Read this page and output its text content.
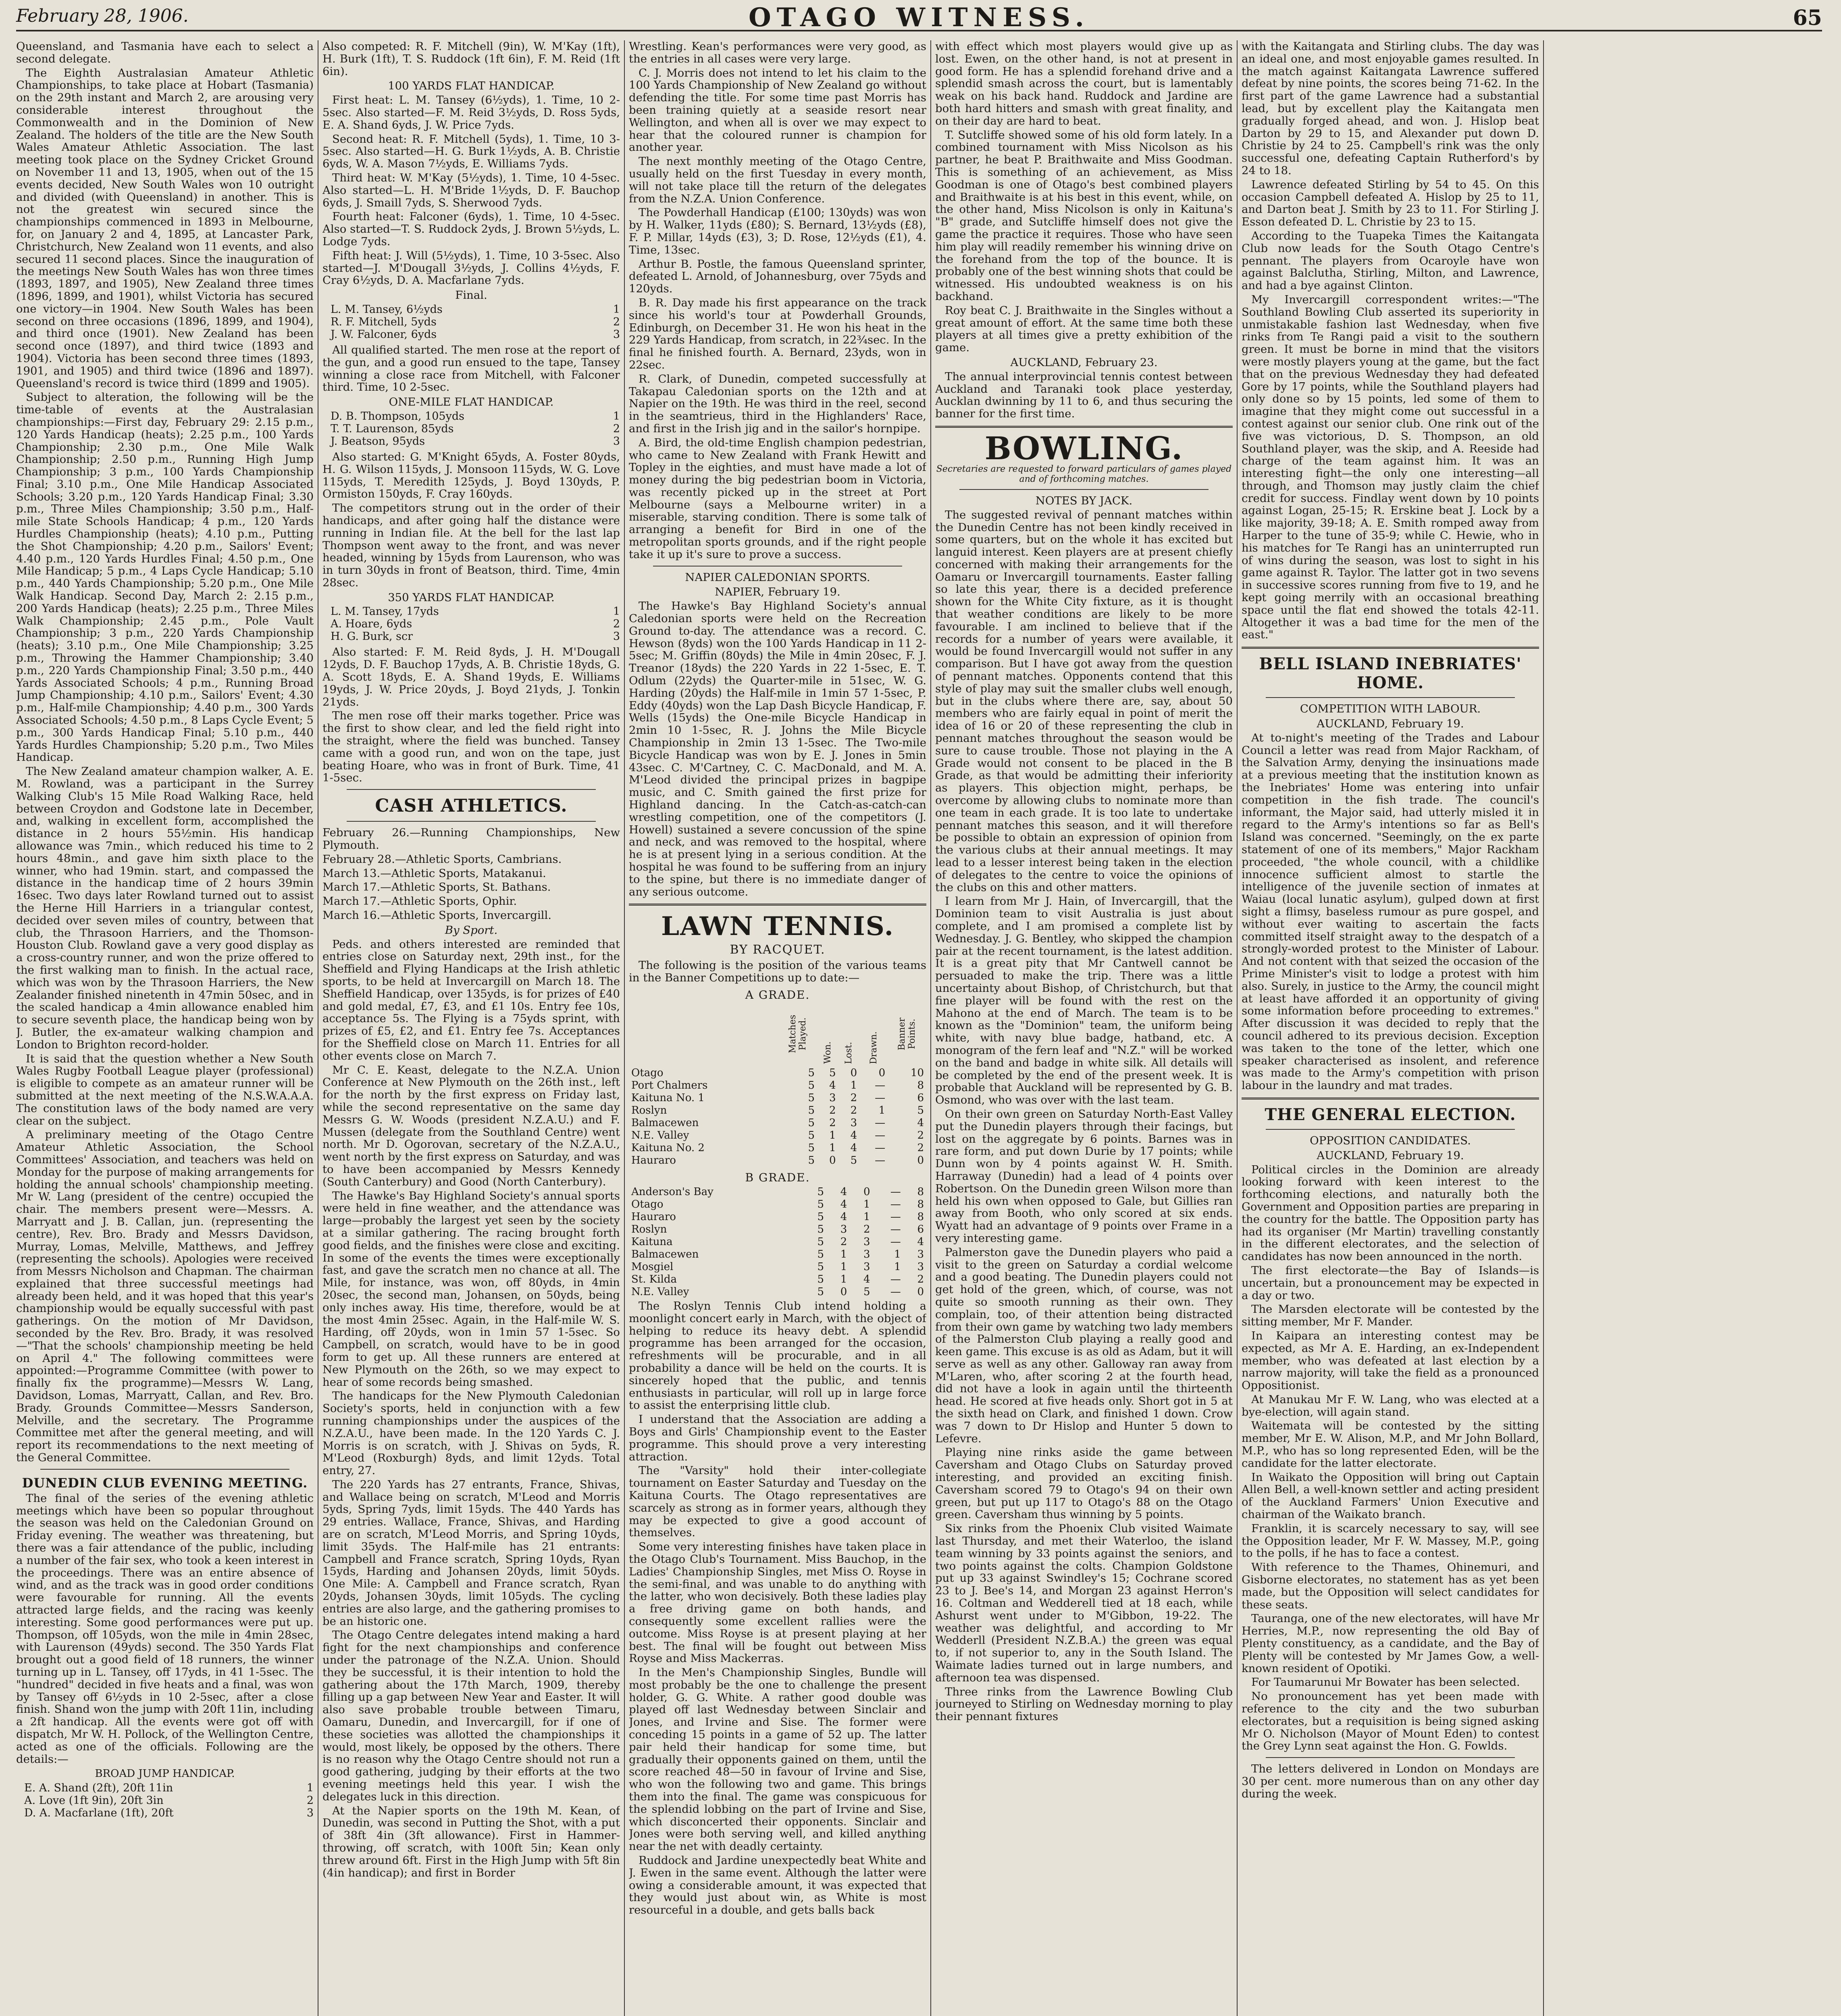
February 28, 1906.	OTAGO WITNESS.	65

Queensland, and Tasmania have each to select a second delegate.

The Eighth Australasian Amateur Athletic Championships, to take place at Hobart (Tasmania) on the 29th instant and March 2, are arousing very considerable interest throughout the Commonwealth and in the Dominion of New Zealand. The holders of the title are the New South Wales Amateur Athletic Association. The last meeting took place on the Sydney Cricket Ground on November 11 and 13, 1905, when out of the 15 events decided, New South Wales won 10 outright and divided (with Queensland) in another. This is not the greatest win secured since the championships commenced in 1893 in Melbourne, for, on January 2 and 4, 1895, at Lancaster Park, Christchurch, New Zealand won 11 events, and also secured 11 second places. Since the inauguration of the meetings New South Wales has won three times (1893, 1897, and 1905), New Zealand three times (1896, 1899, and 1901), whilst Victoria has secured one victory—in 1904. New South Wales has been second on three occasions (1896, 1899, and 1904), and third once (1901). New Zealand has been second once (1897), and third twice (1893 and 1904). Victoria has been second three times (1893, 1901, and 1905) and third twice (1896 and 1897). Queensland's record is twice third (1899 and 1905).

Subject to alteration, the following will be the time-table of events at the Australasian championships:—First day, February 29: 2.15 p.m., 120 Yards Handicap (heats); 2.25 p.m., 100 Yards Championship; 2.30 p.m., One Mile Walk Championship; 2.50 p.m., Running High Jump Championship; 3 p.m., 100 Yards Championship Final; 3.10 p.m., One Mile Handicap Associated Schools; 3.20 p.m., 120 Yards Handicap Final; 3.30 p.m., Three Miles Championship; 3.50 p.m., Half-mile State Schools Handicap; 4 p.m., 120 Yards Hurdles Championship (heats); 4.10 p.m., Putting the Shot Championship; 4.20 p.m., Sailors' Event; 4.40 p.m., 120 Yards Hurdles Final; 4.50 p.m., One Mile Handicap; 5 p.m., 4 Laps Cycle Handicap; 5.10 p.m., 440 Yards Championship; 5.20 p.m., One Mile Walk Handicap. Second Day, March 2: 2.15 p.m., 200 Yards Handicap (heats); 2.25 p.m., Three Miles Walk Championship; 2.45 p.m., Pole Vault Championship; 3 p.m., 220 Yards Championship (heats); 3.10 p.m., One Mile Championship; 3.25 p.m., Throwing the Hammer Championship; 3.40 p.m., 220 Yards Championship Final; 3.50 p.m., 440 Yards Associated Schools; 4 p.m., Running Broad Jump Championship; 4.10 p.m., Sailors' Event; 4.30 p.m., Half-mile Championship; 4.40 p.m., 300 Yards Associated Schools; 4.50 p.m., 8 Laps Cycle Event; 5 p.m., 300 Yards Handicap Final; 5.10 p.m., 440 Yards Hurdles Championship; 5.20 p.m., Two Miles Handicap.

The New Zealand amateur champion walker, A. E. M. Rowland, was a participant in the Surrey Walking Club's 15 Mile Road Walking Race, held between Croydon and Godstone late in December, and, walking in excellent form, accomplished the distance in 2 hours 55½min. His handicap allowance was 7min., which reduced his time to 2 hours 48min., and gave him sixth place to the winner, who had 19min. start, and compassed the distance in the handicap time of 2 hours 39min 16sec. Two days later Rowland turned out to assist the Herne Hill Harriers in a triangular contest, decided over seven miles of country, between that club, the Thrasoon Harriers, and the Thomson-Houston Club. Rowland gave a very good display as a cross-country runner, and won the prize offered to the first walking man to finish. In the actual race, which was won by the Thrasoon Harriers, the New Zealander finished ninetenth in 47min 50sec, and in the scaled handicap a 4min allowance enabled him to secure seventh place, the handicap being won by J. Butler, the ex-amateur walking champion and London to Brighton record-holder.

It is said that the question whether a New South Wales Rugby Football League player (professional) is eligible to compete as an amateur runner will be submitted at the next meeting of the N.S.W.A.A.A. The constitution laws of the body named are very clear on the subject.

A preliminary meeting of the Otago Centre Amateur Athletic Association, the School Committees' Association, and teachers was held on Monday for the purpose of making arrangements for holding the annual schools' championship meeting. Mr W. Lang (president of the centre) occupied the chair. The members present were—Messrs. A. Marryatt and J. B. Callan, jun. (representing the centre), Rev. Bro. Brady and Messrs Davidson, Murray, Lomas, Melville, Matthews, and Jeffrey (representing the schools). Apologies were received from Messrs Nicholson and Chapman. The chairman explained that three successful meetings had already been held, and it was hoped that this year's championship would be equally successful with past gatherings. On the motion of Mr Davidson, seconded by the Rev. Bro. Brady, it was resolved—"That the schools' championship meeting be held on April 4." The following committees were appointed:—Programme Committee (with power to finally fix the programme)—Messrs W. Lang, Davidson, Lomas, Marryatt, Callan, and Rev. Bro. Brady. Grounds Committee—Messrs Sanderson, Melville, and the secretary. The Programme Committee met after the general meeting, and will report its recommendations to the next meeting of the General Committee.

DUNEDIN CLUB EVENING MEETING.

The final of the series of the evening athletic meetings which have been so popular throughout the season was held on the Caledonian Ground on Friday evening. The weather was threatening, but there was a fair attendance of the public, including a number of the fair sex, who took a keen interest in the proceedings. There was an entire absence of wind, and as the track was in good order conditions were favourable for running. All the events attracted large fields, and the racing was keenly interesting. Some good performances were put up. Thompson, off 105yds, won the mile in 4min 28sec, with Laurenson (49yds) second. The 350 Yards Flat brought out a good field of 18 runners, the winner turning up in L. Tansey, off 17yds, in 41 1-5sec. The "hundred" decided in five heats and a final, was won by Tansey off 6½yds in 10 2-5sec, after a close finish. Shand won the jump with 20ft 11in, including a 2ft handicap. All the events were got off with dispatch, Mr W. H. Pollock, of the Wellington Centre, acted as one of the officials. Following are the details:—

BROAD JUMP HANDICAP.
E. A. Shand (2ft), 20ft 11in	1
A. Love (1ft 9in), 20ft 3in	2
D. A. Macfarlane (1ft), 20ft	3

Also competed: R. F. Mitchell (9in), W. M'Kay (1ft), H. Burk (1ft), T. S. Ruddock (1ft 6in), F. M. Reid (1ft 6in).

100 YARDS FLAT HANDICAP.

First heat: L. M. Tansey (6½yds), 1. Time, 10 2-5sec. Also started—F. M. Reid 3½yds, D. Ross 5yds, E. A. Shand 6yds, J. W. Price 7yds.

Second heat: R. F. Mitchell (5yds), 1. Time, 10 3-5sec. Also started—H. G. Burk 1½yds, A. B. Christie 6yds, W. A. Mason 7½yds, E. Williams 7yds.

Third heat: W. M'Kay (5½yds), 1. Time, 10 4-5sec. Also started—L. H. M'Bride 1½yds, D. F. Bauchop 6yds, J. Smaill 7yds, S. Sherwood 7yds.

Fourth heat: Falconer (6yds), 1. Time, 10 4-5sec. Also started—T. S. Ruddock 2yds, J. Brown 5½yds, L. Lodge 7yds.

Fifth heat: J. Will (5½yds), 1. Time, 10 3-5sec. Also started—J. M'Dougall 3½yds, J. Collins 4½yds, F. Cray 6½yds, D. A. Macfarlane 7yds.

Final.
L. M. Tansey, 6½yds	1
R. F. Mitchell, 5yds	2
J. W. Falconer, 6yds	3

All qualified started. The men rose at the report of the gun, and a good run ensued to the tape, Tansey winning a close race from Mitchell, with Falconer third. Time, 10 2-5sec.

ONE-MILE FLAT HANDICAP.
D. B. Thompson, 105yds	1
T. T. Laurenson, 85yds	2
J. Beatson, 95yds	3

Also started: G. M'Knight 65yds, A. Foster 80yds, H. G. Wilson 115yds, J. Monsoon 115yds, W. G. Love 115yds, T. Meredith 125yds, J. Boyd 130yds, P. Ormiston 150yds, F. Cray 160yds.

The competitors strung out in the order of their handicaps, and after going half the distance were running in Indian file. At the bell for the last lap Thompson went away to the front, and was never headed, winning by 15yds from Laurenson, who was in turn 30yds in front of Beatson, third. Time, 4min 28sec.

350 YARDS FLAT HANDICAP.
L. M. Tansey, 17yds	1
A. Hoare, 6yds	2
H. G. Burk, scr	3

Also started: F. M. Reid 8yds, J. H. M'Dougall 12yds, D. F. Bauchop 17yds, A. B. Christie 18yds, G. A. Scott 18yds, E. A. Shand 19yds, E. Williams 19yds, J. W. Price 20yds, J. Boyd 21yds, J. Tonkin 21yds.

The men rose off their marks together. Price was the first to show clear, and led the field right into the straight, where the field was bunched. Tansey came with a good run, and won on the tape, just beating Hoare, who was in front of Burk. Time, 41 1-5sec.

CASH ATHLETICS.

February 26.—Running Championships, New Plymouth.

February 28.—Athletic Sports, Cambrians.

March 13.—Athletic Sports, Matakanui.

March 17.—Athletic Sports, St. Bathans.

March 17.—Athletic Sports, Ophir.

March 16.—Athletic Sports, Invercargill.

By Sport.

Peds. and others interested are reminded that entries close on Saturday next, 29th inst., for the Sheffield and Flying Handicaps at the Irish athletic sports, to be held at Invercargill on March 18. The Sheffield Handicap, over 135yds, is for prizes of £40 and gold medal, £7, £3, and £1 10s. Entry fee 10s, acceptance 5s. The Flying is a 75yds sprint, with prizes of £5, £2, and £1. Entry fee 7s. Acceptances for the Sheffield close on March 11. Entries for all other events close on March 7.

Mr C. E. Keast, delegate to the N.Z.A. Union Conference at New Plymouth on the 26th inst., left for the north by the first express on Friday last, while the second representative on the same day Messrs G. W. Woods (president N.Z.A.U.) and F. Mussen (delegate from the Southland Centre) went north. Mr D. Ogorovan, secretary of the N.Z.A.U., went north by the first express on Saturday, and was to have been accompanied by Messrs Kennedy (South Canterbury) and Good (North Canterbury).

The Hawke's Bay Highland Society's annual sports were held in fine weather, and the attendance was large—probably the largest yet seen by the society at a similar gathering. The racing brought forth good fields, and the finishes were close and exciting. In some of the events the times were exceptionally fast, and gave the scratch men no chance at all. The Mile, for instance, was won, off 80yds, in 4min 20sec, the second man, Johansen, on 50yds, being only inches away. His time, therefore, would be at the most 4min 25sec. Again, in the Half-mile W. S. Harding, off 20yds, won in 1min 57 1-5sec. So Campbell, on scratch, would have to be in good form to get up. All these runners are entered at New Plymouth on the 26th, so we may expect to hear of some records being smashed.

The handicaps for the New Plymouth Caledonian Society's sports, held in conjunction with a few running championships under the auspices of the N.Z.A.U., have been made. In the 120 Yards C. J. Morris is on scratch, with J. Shivas on 5yds, R. M'Leod (Roxburgh) 8yds, and limit 12yds. Total entry, 27.

The 220 Yards has 27 entrants, France, Shivas, and Wallace being on scratch, M'Leod and Morris 5yds, Spring 7yds, limit 15yds. The 440 Yards has 29 entries. Wallace, France, Shivas, and Harding are on scratch, M'Leod Morris, and Spring 10yds, limit 35yds. The Half-mile has 21 entrants: Campbell and France scratch, Spring 10yds, Ryan 15yds, Harding and Johansen 20yds, limit 50yds. One Mile: A. Campbell and France scratch, Ryan 20yds, Johansen 30yds, limit 105yds. The cycling entries are also large, and the gathering promises to be an historic one.

The Otago Centre delegates intend making a hard fight for the next championships and conference under the patronage of the N.Z.A. Union. Should they be successful, it is their intention to hold the gathering about the 17th March, 1909, thereby filling up a gap between New Year and Easter. It will also save probable trouble between Timaru, Oamaru, Dunedin, and Invercargill, for if one of these societies was allotted the championships it would, most likely, be opposed by the others. There is no reason why the Otago Centre should not run a good gathering, judging by their efforts at the two evening meetings held this year. I wish the delegates luck in this direction.

At the Napier sports on the 19th M. Kean, of Dunedin, was second in Putting the Shot, with a put of 38ft 4in (3ft allowance). First in Hammer-throwing, off scratch, with 100ft 5in; Kean only threw around 6ft. First in the High Jump with 5ft 8in (4in handicap); and first in Border

Wrestling. Kean's performances were very good, as the entries in all cases were very large.

C. J. Morris does not intend to let his claim to the 100 Yards Championship of New Zealand go without defending the title. For some time past Morris has been training quietly at a seaside resort near Wellington, and when all is over we may expect to hear that the coloured runner is champion for another year.

The next monthly meeting of the Otago Centre, usually held on the first Tuesday in every month, will not take place till the return of the delegates from the N.Z.A. Union Conference.

The Powderhall Handicap (£100; 130yds) was won by H. Walker, 11yds (£80); S. Bernard, 13½yds (£8), F. P. Millar, 14yds (£3), 3; D. Rose, 12½yds (£1), 4. Time, 13sec.

Arthur B. Postle, the famous Queensland sprinter, defeated L. Arnold, of Johannesburg, over 75yds and 120yds.

B. R. Day made his first appearance on the track since his world's tour at Powderhall Grounds, Edinburgh, on December 31. He won his heat in the 229 Yards Handicap, from scratch, in 22¾sec. In the final he finished fourth. A. Bernard, 23yds, won in 22sec.

R. Clark, of Dunedin, competed successfully at Takapau Caledonian sports on the 12th and at Napier on the 19th. He was third in the reel, second in the seamtrieus, third in the Highlanders' Race, and first in the Irish jig and in the sailor's hornpipe.

A. Bird, the old-time English champion pedestrian, who came to New Zealand with Frank Hewitt and Topley in the eighties, and must have made a lot of money during the big pedestrian boom in Victoria, was recently picked up in the street at Port Melbourne (says a Melbourne writer) in a miserable, starving condition. There is some talk of arranging a benefit for Bird in one of the metropolitan sports grounds, and if the right people take it up it's sure to prove a success.

NAPIER CALEDONIAN SPORTS.
NAPIER, February 19.

The Hawke's Bay Highland Society's annual Caledonian sports were held on the Recreation Ground to-day. The attendance was a record. C. Hewson (8yds) won the 100 Yards Handicap in 11 2-5sec; M. Griffin (80yds) the Mile in 4min 20sec, F. J. Treanor (18yds) the 220 Yards in 22 1-5sec, E. T. Odlum (22yds) the Quarter-mile in 51sec, W. G. Harding (20yds) the Half-mile in 1min 57 1-5sec, P. Eddy (40yds) won the Lap Dash Bicycle Handicap, F. Wells (15yds) the One-mile Bicycle Handicap in 2min 10 1-5sec, R. J. Johns the Mile Bicycle Championship in 2min 13 1-5sec. The Two-mile Bicycle Handicap was won by E. J. Jones in 5min 43sec. C. M'Cartney, C. C. MacDonald, and M. A. M'Leod divided the principal prizes in bagpipe music, and C. Smith gained the first prize for Highland dancing. In the Catch-as-catch-can wrestling competition, one of the competitors (J. Howell) sustained a severe concussion of the spine and neck, and was removed to the hospital, where he is at present lying in a serious condition. At the hospital he was found to be suffering from an injury to the spine, but there is no immediate danger of any serious outcome.

LAWN TENNIS.
BY RACQUET.

The following is the position of the various teams in the Banner Competitions up to date:—

A GRADE.
	Matches Played.	Won.	Lost.	Drawn.	Banner Points.
Otago	5	5	0	0	10
Port Chalmers	5	4	1	—	8
Kaituna No. 1	5	3	2	—	6
Roslyn	5	2	2	1	5
Balmacewen	5	2	3	—	4
N.E. Valley	5	1	4	—	2
Kaituna No. 2	5	1	4	—	2
Hauraro	5	0	5	—	0
B GRADE.
Anderson's Bay	5	4	0	—	8
Otago	5	4	1	—	8
Hauraro	5	4	1	—	8
Roslyn	5	3	2	—	6
Kaituna	5	2	3	—	4
Balmacewen	5	1	3	1	3
Mosgiel	5	1	3	1	3
St. Kilda	5	1	4	—	2
N.E. Valley	5	0	5	—	0

The Roslyn Tennis Club intend holding a moonlight concert early in March, with the object of helping to reduce its heavy debt. A splendid programme has been arranged for the occasion, refreshments will be procurable, and in all probability a dance will be held on the courts. It is sincerely hoped that the public, and tennis enthusiasts in particular, will roll up in large force to assist the enterprising little club.

I understand that the Association are adding a Boys and Girls' Championship event to the Easter programme. This should prove a very interesting attraction.

The "Varsity" hold their inter-collegiate tournament on Easter Saturday and Tuesday on the Kaituna Courts. The Otago representatives are scarcely as strong as in former years, although they may be expected to give a good account of themselves.

Some very interesting finishes have taken place in the Otago Club's Tournament. Miss Bauchop, in the Ladies' Championship Singles, met Miss O. Royse in the semi-final, and was unable to do anything with the latter, who won decisively. Both these ladies play a free driving game on both hands, and consequently some excellent rallies were the outcome. Miss Royse is at present playing at her best. The final will be fought out between Miss Royse and Miss Mackerras.

In the Men's Championship Singles, Bundle will most probably be the one to challenge the present holder, G. G. White. A rather good double was played off last Wednesday between Sinclair and Jones, and Irvine and Sise. The former were conceding 15 points in a game of 52 up. The latter pair held their handicap for some time, but gradually their opponents gained on them, until the score reached 48—50 in favour of Irvine and Sise, who won the following two and game. This brings them into the final. The game was conspicuous for the splendid lobbing on the part of Irvine and Sise, which disconcerted their opponents. Sinclair and Jones were both serving well, and killed anything near the net with deadly certainty.

Ruddock and Jardine unexpectedly beat White and J. Ewen in the same event. Although the latter were owing a considerable amount, it was expected that they would just about win, as White is most resourceful in a double, and gets balls back

with effect which most players would give up as lost. Ewen, on the other hand, is not at present in good form. He has a splendid forehand drive and a splendid smash across the court, but is lamentably weak on his back hand. Ruddock and Jardine are both hard hitters and smash with great finality, and on their day are hard to beat.

T. Sutcliffe showed some of his old form lately. In a combined tournament with Miss Nicolson as his partner, he beat P. Braithwaite and Miss Goodman. This is something of an achievement, as Miss Goodman is one of Otago's best combined players and Braithwaite is at his best in this event, while, on the other hand, Miss Nicolson is only in Kaituna's "B" grade, and Sutcliffe himself does not give the game the practice it requires. Those who have seen him play will readily remember his winning drive on the forehand from the top of the bounce. It is probably one of the best winning shots that could be witnessed. His undoubted weakness is on his backhand.

Roy beat C. J. Braithwaite in the Singles without a great amount of effort. At the same time both these players at all times give a pretty exhibition of the game.

AUCKLAND, February 23.

The annual interprovincial tennis contest between Auckland and Taranaki took place yesterday, Aucklan dwinning by 11 to 6, and thus securing the banner for the first time.

BOWLING.
Secretaries are requested to forward particulars of games played and of forthcoming matches.
NOTES BY JACK.

The suggested revival of pennant matches within the Dunedin Centre has not been kindly received in some quarters, but on the whole it has excited but languid interest. Keen players are at present chiefly concerned with making their arrangements for the Oamaru or Invercargill tournaments. Easter falling so late this year, there is a decided preference shown for the White City fixture, as it is thought that weather conditions are likely to be more favourable. I am inclined to believe that if the records for a number of years were available, it would be found Invercargill would not suffer in any comparison. But I have got away from the question of pennant matches. Opponents contend that this style of play may suit the smaller clubs well enough, but in the clubs where there are, say, about 50 members who are fairly equal in point of merit the idea of 16 or 20 of these representing the club in pennant matches throughout the season would be sure to cause trouble. Those not playing in the A Grade would not consent to be placed in the B Grade, as that would be admitting their inferiority as players. This objection might, perhaps, be overcome by allowing clubs to nominate more than one team in each grade. It is too late to undertake pennant matches this season, and it will therefore be possible to obtain an expression of opinion from the various clubs at their annual meetings. It may lead to a lesser interest being taken in the election of delegates to the centre to voice the opinions of the clubs on this and other matters.

I learn from Mr J. Hain, of Invercargill, that the Dominion team to visit Australia is just about complete, and I am promised a complete list by Wednesday. J. G. Bentley, who skipped the champion pair at the recent tournament, is the latest addition. It is a great pity that Mr Cantwell cannot be persuaded to make the trip. There was a little uncertainty about Bishop, of Christchurch, but that fine player will be found with the rest on the Mahono at the end of March. The team is to be known as the "Dominion" team, the uniform being white, with navy blue badge, hatband, etc. A monogram of the fern leaf and "N.Z." will be worked on the band and badge in white silk. All details will be completed by the end of the present week. It is probable that Auckland will be represented by G. B. Osmond, who was over with the last team.

On their own green on Saturday North-East Valley put the Dunedin players through their facings, but lost on the aggregate by 6 points. Barnes was in rare form, and put down Durie by 17 points; while Dunn won by 4 points against W. H. Smith. Harraway (Dunedin) had a lead of 4 points over Robertson. On the Dunedin green Wilson more than held his own when opposed to Gale, but Gillies ran away from Booth, who only scored at six ends. Wyatt had an advantage of 9 points over Frame in a very interesting game.

Palmerston gave the Dunedin players who paid a visit to the green on Saturday a cordial welcome and a good beating. The Dunedin players could not get hold of the green, which, of course, was not quite so smooth running as their own. They complain, too, of their attention being distracted from their own game by watching two lady members of the Palmerston Club playing a really good and keen game. This excuse is as old as Adam, but it will serve as well as any other. Galloway ran away from M'Laren, who, after scoring 2 at the fourth head, did not have a look in again until the thirteenth head. He scored at five heads only. Short got in 5 at the sixth head on Clark, and finished 1 down. Crow was 7 down to Dr Hislop and Hunter 5 down to Lefevre.

Playing nine rinks aside the game between Caversham and Otago Clubs on Saturday proved interesting, and provided an exciting finish. Caversham scored 79 to Otago's 94 on their own green, but put up 117 to Otago's 88 on the Otago green. Caversham thus winning by 5 points.

Six rinks from the Phoenix Club visited Waimate last Thursday, and met their Waterloo, the island team winning by 33 points against the seniors, and two points against the colts. Champion Goldstone put up 33 against Swindley's 15; Cochrane scored 23 to J. Bee's 14, and Morgan 23 against Herron's 16. Coltman and Wedderell tied at 18 each, while Ashurst went under to M'Gibbon, 19-22. The weather was delightful, and according to Mr Wedderll (President N.Z.B.A.) the green was equal to, if not superior to, any in the South Island. The Waimate ladies turned out in large numbers, and afternoon tea was dispensed.

Three rinks from the Lawrence Bowling Club journeyed to Stirling on Wednesday morning to play their pennant fixtures

with the Kaitangata and Stirling clubs. The day was an ideal one, and most enjoyable games resulted. In the match against Kaitangata Lawrence suffered defeat by nine points, the scores being 71-62. In the first part of the game Lawrence had a substantial lead, but by excellent play the Kaitangata men gradually forged ahead, and won. J. Hislop beat Darton by 29 to 15, and Alexander put down D. Christie by 24 to 25. Campbell's rink was the only successful one, defeating Captain Rutherford's by 24 to 18.

Lawrence defeated Stirling by 54 to 45. On this occasion Campbell defeated A. Hislop by 25 to 11, and Darton beat J. Smith by 23 to 11. For Stirling J. Esson defeated D. L. Christie by 23 to 15.

According to the Tuapeka Times the Kaitangata Club now leads for the South Otago Centre's pennant. The players from Ocaroyle have won against Balclutha, Stirling, Milton, and Lawrence, and had a bye against Clinton.

My Invercargill correspondent writes:—"The Southland Bowling Club asserted its superiority in unmistakable fashion last Wednesday, when five rinks from Te Rangi paid a visit to the southern green. It must be borne in mind that the visitors were mostly players young at the game, but the fact that on the previous Wednesday they had defeated Gore by 17 points, while the Southland players had only done so by 15 points, led some of them to imagine that they might come out successful in a contest against our senior club. One rink out of the five was victorious, D. S. Thompson, an old Southland player, was the skip, and A. Reeside had charge of the team against him. It was an interesting fight—the only one interesting—all through, and Thomson may justly claim the chief credit for success. Findlay went down by 10 points against Logan, 25-15; R. Erskine beat J. Lock by a like majority, 39-18; A. E. Smith romped away from Harper to the tune of 35-9; while C. Hewie, who in his matches for Te Rangi has an uninterrupted run of wins during the season, was lost to sight in his game against R. Taylor. The latter got in two sevens in successive scores running from five to 19, and he kept going merrily with an occasional breathing space until the flat end showed the totals 42-11. Altogether it was a bad time for the men of the east."

BELL ISLAND INEBRIATES' HOME.
COMPETITION WITH LABOUR.
AUCKLAND, February 19.

At to-night's meeting of the Trades and Labour Council a letter was read from Major Rackham, of the Salvation Army, denying the insinuations made at a previous meeting that the institution known as the Inebriates' Home was entering into unfair competition in the fish trade. The council's informant, the Major said, had utterly misled it in regard to the Army's intentions so far as Bell's Island was concerned. "Seemingly, on the ex parte statement of one of its members," Major Rackham proceeded, "the whole council, with a childlike innocence sufficient almost to startle the intelligence of the juvenile section of inmates at Waiau (local lunatic asylum), gulped down at first sight a flimsy, baseless rumour as pure gospel, and without ever waiting to ascertain the facts committed itself straight away to the despatch of a strongly-worded protest to the Minister of Labour. And not content with that seized the occasion of the Prime Minister's visit to lodge a protest with him also. Surely, in justice to the Army, the council might at least have afforded it an opportunity of giving some information before proceeding to extremes." After discussion it was decided to reply that the council adhered to its previous decision. Exception was taken to the tone of the letter, which one speaker characterised as insolent, and reference was made to the Army's competition with prison labour in the laundry and mat trades.

THE GENERAL ELECTION.
OPPOSITION CANDIDATES.
AUCKLAND, February 19.

Political circles in the Dominion are already looking forward with keen interest to the forthcoming elections, and naturally both the Government and Opposition parties are preparing in the country for the battle. The Opposition party has had its organiser (Mr Martin) travelling constantly in the different electorates, and the selection of candidates has now been announced in the north.

The first electorate—the Bay of Islands—is uncertain, but a pronouncement may be expected in a day or two.

The Marsden electorate will be contested by the sitting member, Mr F. Mander.

In Kaipara an interesting contest may be expected, as Mr A. E. Harding, an ex-Independent member, who was defeated at last election by a narrow majority, will take the field as a pronounced Oppositionist.

At Manukau Mr F. W. Lang, who was elected at a bye-election, will again stand.

Waitemata will be contested by the sitting member, Mr E. W. Alison, M.P., and Mr John Bollard, M.P., who has so long represented Eden, will be the candidate for the latter electorate.

In Waikato the Opposition will bring out Captain Allen Bell, a well-known settler and acting president of the Auckland Farmers' Union Executive and chairman of the Waikato branch.

Franklin, it is scarcely necessary to say, will see the Opposition leader, Mr F. W. Massey, M.P., going to the polls, if he has to face a contest.

With reference to the Thames, Ohinemuri, and Gisborne electorates, no statement has as yet been made, but the Opposition will select candidates for these seats.

Tauranga, one of the new electorates, will have Mr Herries, M.P., now representing the old Bay of Plenty constituency, as a candidate, and the Bay of Plenty will be contested by Mr James Gow, a well-known resident of Opotiki.

For Taumarunui Mr Bowater has been selected.

No pronouncement has yet been made with reference to the city and the two suburban electorates, but a requisition is being signed asking Mr O. Nicholson (Mayor of Mount Eden) to contest the Grey Lynn seat against the Hon. G. Fowlds.

The letters delivered in London on Mondays are 30 per cent. more numerous than on any other day during the week.
